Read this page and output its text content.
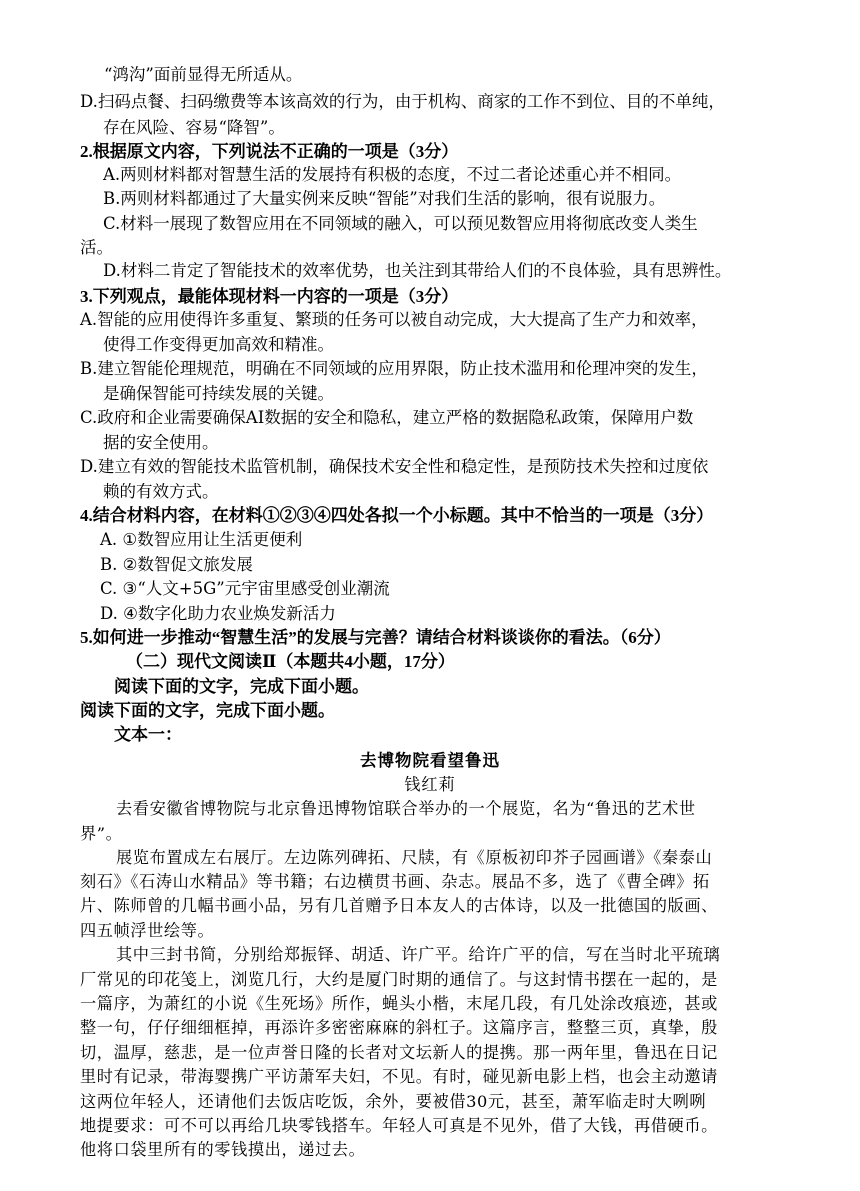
“鸿沟”面前显得无所适从。
D.扫码点餐、扫码缴费等本该高效的行为，由于机构、商家的工作不到位、目的不单纯，
存在风险、容易“降智”。
2.根据原文内容，下列说法不正确的一项是（3分）
A.两则材料都对智慧生活的发展持有积极的态度，不过二者论述重心并不相同。
B.两则材料都通过了大量实例来反映“智能”对我们生活的影响，很有说服力。
C.材料一展现了数智应用在不同领域的融入，可以预见数智应用将彻底改变人类生
活。
D.材料二肯定了智能技术的效率优势，也关注到其带给人们的不良体验，具有思辨性。
3.下列观点，最能体现材料一内容的一项是（3分）
A.智能的应用使得许多重复、繁琐的任务可以被自动完成，大大提高了生产力和效率，
使得工作变得更加高效和精准。
B.建立智能伦理规范，明确在不同领域的应用界限，防止技术滥用和伦理冲突的发生，
是确保智能可持续发展的关键。
C.政府和企业需要确保AI数据的安全和隐私，建立严格的数据隐私政策，保障用户数
据的安全使用。
D.建立有效的智能技术监管机制，确保技术安全性和稳定性，是预防技术失控和过度依
赖的有效方式。
4.结合材料内容，在材料①②③④四处各拟一个小标题。其中不恰当的一项是（3分）
A. ①数智应用让生活更便利
B. ②数智促文旅发展
C. ③“人文+5G”元宇宙里感受创业潮流
D. ④数字化助力农业焕发新活力
5.如何进一步推动“智慧生活”的发展与完善？请结合材料谈谈你的看法。（6分）
（二）现代文阅读Ⅱ（本题共4小题，17分）
阅读下面的文字，完成下面小题。
阅读下面的文字，完成下面小题。
文本一：
去博物院看望鲁迅
钱红莉
去看安徽省博物院与北京鲁迅博物馆联合举办的一个展览，名为“鲁迅的艺术世
界”。
展览布置成左右展厅。左边陈列碑拓、尺牍，有《原板初印芥子园画谱》《秦泰山
刻石》《石涛山水精品》等书籍；右边横贯书画、杂志。展品不多，选了《曹全碑》拓
片、陈师曾的几幅书画小品，另有几首赠予日本友人的古体诗，以及一批德国的版画、
四五帧浮世绘等。
其中三封书简，分别给郑振铎、胡适、许广平。给许广平的信，写在当时北平琉璃
厂常见的印花笺上，浏览几行，大约是厦门时期的通信了。与这封情书摆在一起的，是
一篇序，为萧红的小说《生死场》所作，蝇头小楷，末尾几段，有几处涂改痕迹，甚或
整一句，仔仔细细框掉，再添许多密密麻麻的斜杠子。这篇序言，整整三页，真挚，殷
切，温厚，慈悲，是一位声誉日隆的长者对文坛新人的提携。那一两年里，鲁迅在日记
里时有记录，带海婴携广平访萧军夫妇，不见。有时，碰见新电影上档，也会主动邀请
这两位年轻人，还请他们去饭店吃饭，余外，要被借30元，甚至，萧军临走时大咧咧
地提要求：可不可以再给几块零钱搭车。年轻人可真是不见外，借了大钱，再借硬币。
他将口袋里所有的零钱摸出，递过去。
